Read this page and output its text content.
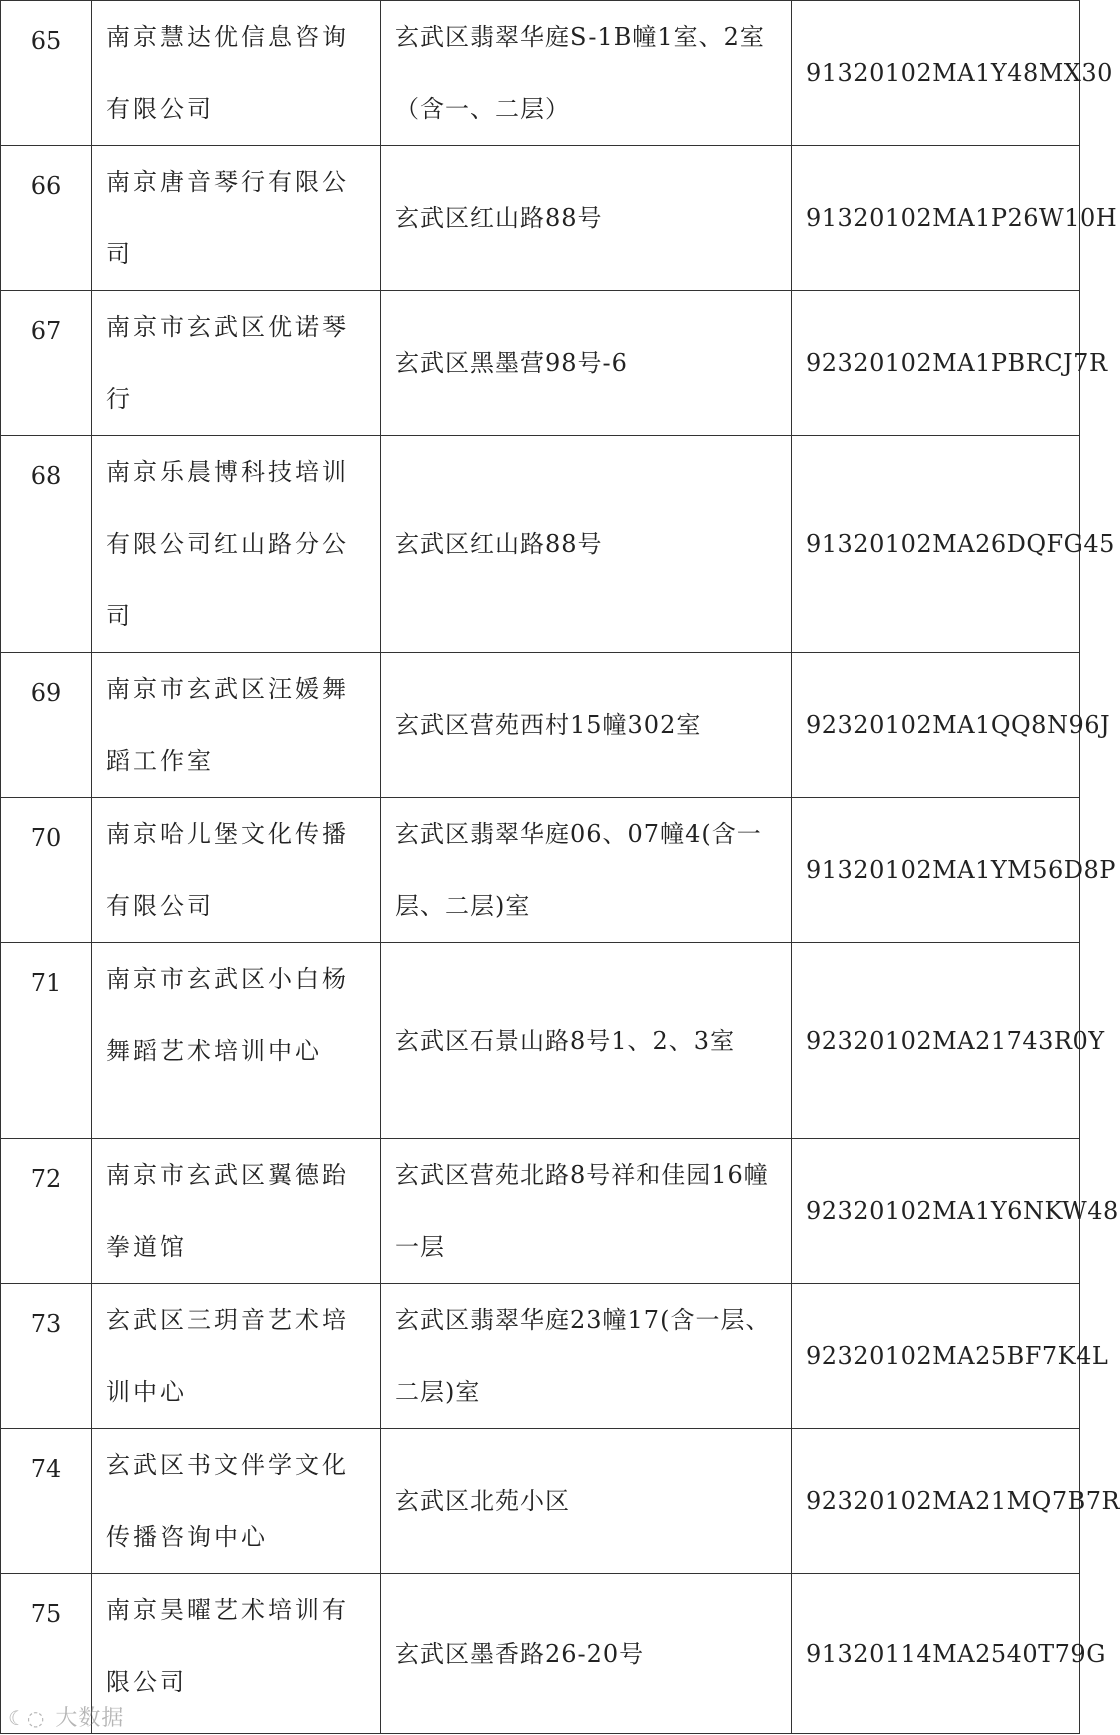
65	南京慧达优信息咨询有限公司	玄武区翡翠华庭S-1B幢1室、2室（含一、二层）	91320102MA1Y48MX30
66	南京唐音琴行有限公司	玄武区红山路88号	91320102MA1P26W10H
67	南京市玄武区优诺琴行	玄武区黑墨营98号-6	92320102MA1PBRCJ7R
68	南京乐晨博科技培训有限公司红山路分公司	玄武区红山路88号	91320102MA26DQFG45
69	南京市玄武区汪媛舞蹈工作室	玄武区营苑西村15幢302室	92320102MA1QQ8N96J
70	南京哈儿堡文化传播有限公司	玄武区翡翠华庭06、07幢4(含一层、二层)室	91320102MA1YM56D8P
71	南京市玄武区小白杨舞蹈艺术培训中心	玄武区石景山路8号1、2、3室	92320102MA21743R0Y
72	南京市玄武区翼德跆拳道馆	玄武区营苑北路8号祥和佳园16幢一层	92320102MA1Y6NKW48
73	玄武区三玥音艺术培训中心	玄武区翡翠华庭23幢17(含一层、二层)室	92320102MA25BF7K4L
74	玄武区书文伴学文化传播咨询中心	玄武区北苑小区	92320102MA21MQ7B7R
75	南京昊曜艺术培训有限公司	玄武区墨香路26-20号	91320114MA2540T79G
☾◌ 大数据
